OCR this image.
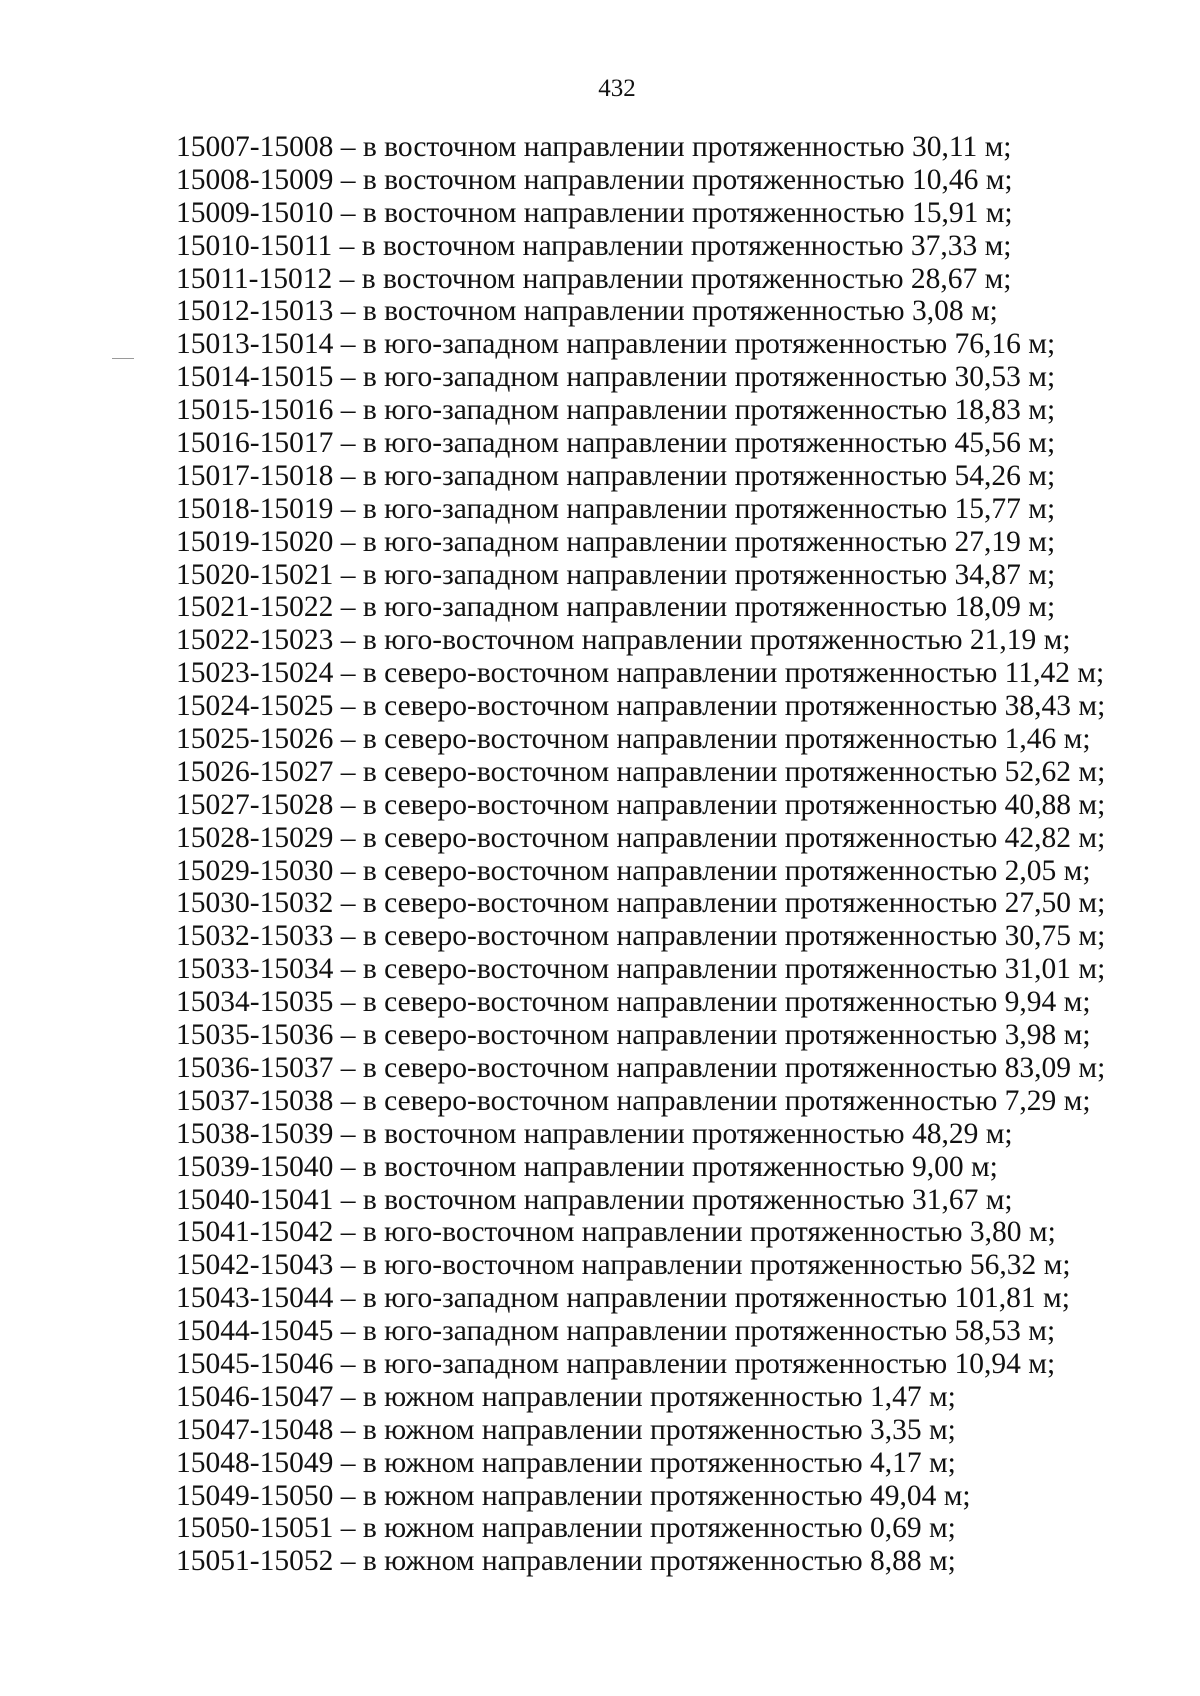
432
15007-15008 – в восточном направлении протяженностью 30,11 м;
15008-15009 – в восточном направлении протяженностью 10,46 м;
15009-15010 – в восточном направлении протяженностью 15,91 м;
15010-15011 – в восточном направлении протяженностью 37,33 м;
15011-15012 – в восточном направлении протяженностью 28,67 м;
15012-15013 – в восточном направлении протяженностью 3,08 м;
15013-15014 – в юго-западном направлении протяженностью 76,16 м;
15014-15015 – в юго-западном направлении протяженностью 30,53 м;
15015-15016 – в юго-западном направлении протяженностью 18,83 м;
15016-15017 – в юго-западном направлении протяженностью 45,56 м;
15017-15018 – в юго-западном направлении протяженностью 54,26 м;
15018-15019 – в юго-западном направлении протяженностью 15,77 м;
15019-15020 – в юго-западном направлении протяженностью 27,19 м;
15020-15021 – в юго-западном направлении протяженностью 34,87 м;
15021-15022 – в юго-западном направлении протяженностью 18,09 м;
15022-15023 – в юго-восточном направлении протяженностью 21,19 м;
15023-15024 – в северо-восточном направлении протяженностью 11,42 м;
15024-15025 – в северо-восточном направлении протяженностью 38,43 м;
15025-15026 – в северо-восточном направлении протяженностью 1,46 м;
15026-15027 – в северо-восточном направлении протяженностью 52,62 м;
15027-15028 – в северо-восточном направлении протяженностью 40,88 м;
15028-15029 – в северо-восточном направлении протяженностью 42,82 м;
15029-15030 – в северо-восточном направлении протяженностью 2,05 м;
15030-15032 – в северо-восточном направлении протяженностью 27,50 м;
15032-15033 – в северо-восточном направлении протяженностью 30,75 м;
15033-15034 – в северо-восточном направлении протяженностью 31,01 м;
15034-15035 – в северо-восточном направлении протяженностью 9,94 м;
15035-15036 – в северо-восточном направлении протяженностью 3,98 м;
15036-15037 – в северо-восточном направлении протяженностью 83,09 м;
15037-15038 – в северо-восточном направлении протяженностью 7,29 м;
15038-15039 – в восточном направлении протяженностью 48,29 м;
15039-15040 – в восточном направлении протяженностью 9,00 м;
15040-15041 – в восточном направлении протяженностью 31,67 м;
15041-15042 – в юго-восточном направлении протяженностью 3,80 м;
15042-15043 – в юго-восточном направлении протяженностью 56,32 м;
15043-15044 – в юго-западном направлении протяженностью 101,81 м;
15044-15045 – в юго-западном направлении протяженностью 58,53 м;
15045-15046 – в юго-западном направлении протяженностью 10,94 м;
15046-15047 – в южном направлении протяженностью 1,47 м;
15047-15048 – в южном направлении протяженностью 3,35 м;
15048-15049 – в южном направлении протяженностью 4,17 м;
15049-15050 – в южном направлении протяженностью 49,04 м;
15050-15051 – в южном направлении протяженностью 0,69 м;
15051-15052 – в южном направлении протяженностью 8,88 м;
